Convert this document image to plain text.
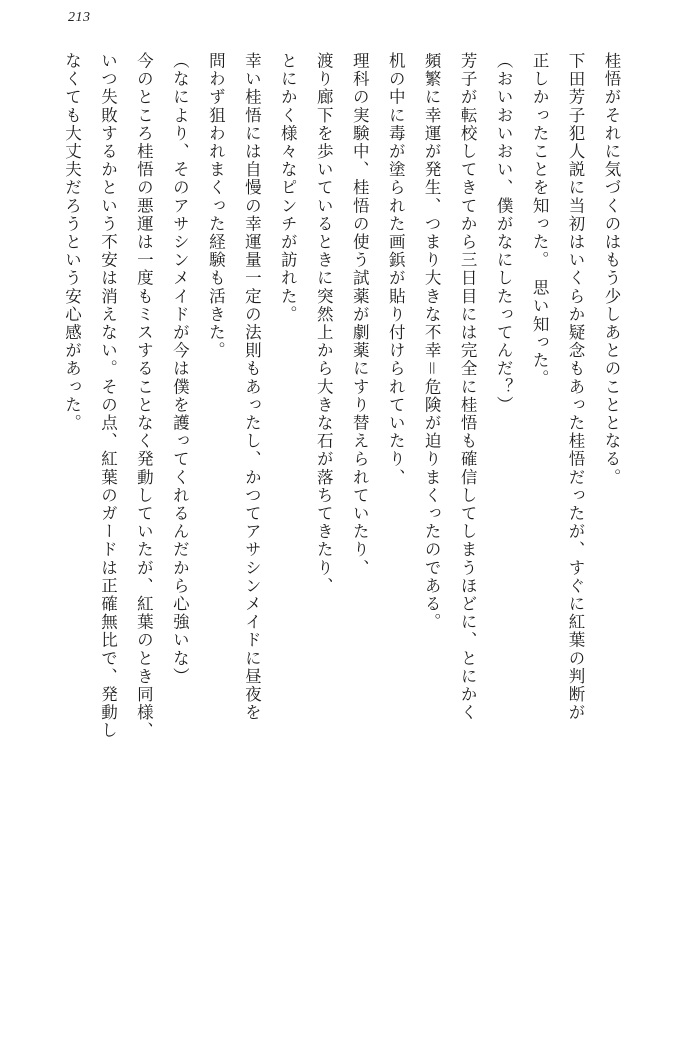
213

桂悟がそれに気づくのはもう少しあとのこととなる。

下田芳子犯人説に当初はいくらか疑念もあった桂悟だったが、すぐに紅葉の判断が

正しかったことを知った。　思い知った。

（おいおいおい、僕がなにしたってんだ？）

芳子が転校してきてから三日目には完全に桂悟も確信してしまうほどに、とにかく

頻繁に幸運が発生、つまり大きな不幸＝危険が迫りまくったのである。

机の中に毒が塗られた画鋲が貼り付けられていたり、

理科の実験中、桂悟の使う試薬が劇薬にすり替えられていたり、

渡り廊下を歩いているときに突然上から大きな石が落ちてきたり、

とにかく様々なピンチが訪れた。

幸い桂悟には自慢の幸運量一定の法則もあったし、かつてアサシンメイドに昼夜を

問わず狙われまくった経験も活きた。

（なにより、そのアサシンメイドが今は僕を護ってくれるんだから心強いな）

今のところ桂悟の悪運は一度もミスすることなく発動していたが、紅葉のとき同様、

いつ失敗するかという不安は消えない。その点、紅葉のガードは正確無比で、発動し

なくても大丈夫だろうという安心感があった。
